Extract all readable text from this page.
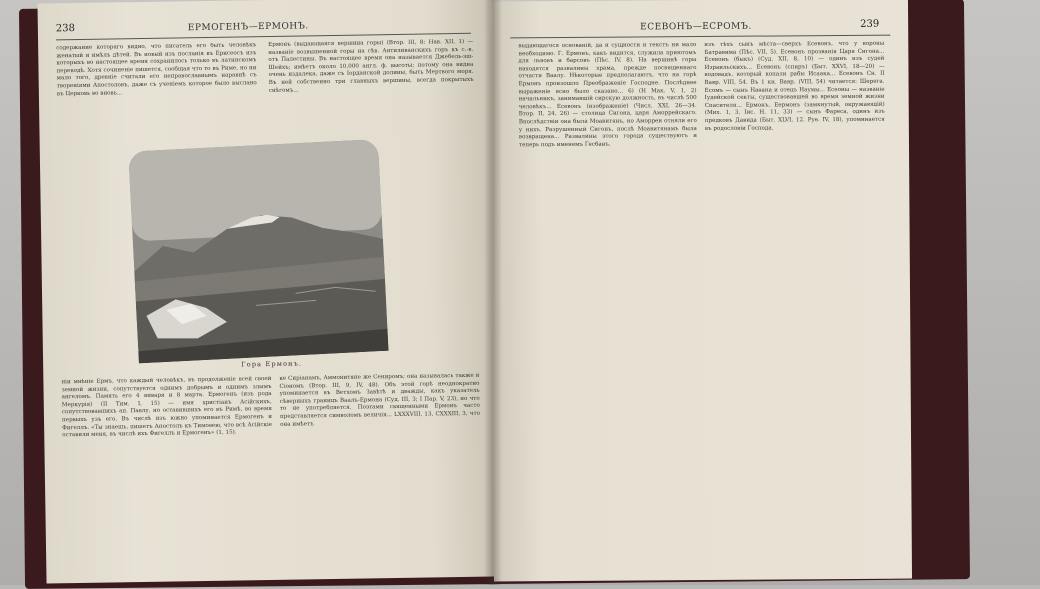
238	ЕРМОГЕНЪ—ЕРМОНЪ.
содержание котораго видно, что писатель его быть человѣкъ женатый и имѣлъ дѣтей. Въ новый изъ посланія въ Ерисеосъ изъ которыхъ во настоящее время сохранилось только въ латинскомъ переводѣ. Хотя сочиненіе пишется, сообщая что то въ Риме, но ни мало того, древніе считали его неправославнымъ наравнѣ съ твореніями Апостоловъ, даже съ ученіемъ которое было выслано въ Церковь во вновь...
Ермонъ (выдающаяся вершина горы) (Втор. III, 8; Нав. XII, 1) — названіе возвышенной горы на сѣв. Антиливанскихъ горъ къ с.-в. отъ Палестины. Въ настоящее время она называется Джебель-эш-Шейхъ; имѣетъ около 10,000 англ. ф. высоты; потому она видна очень издалека, даже съ Іорданской долины, быть Мертвого моря. Въ ней собственно три главныхъ вершины, всегда покрытыхъ снѣгомъ...
Гора Ермонъ.
ніи мнѣніе Ермъ, что каждый человѣкъ, въ продолженіе всей своей земной жизни, сопутствуется однимъ добрымъ и однимъ злымъ ангеломъ. Память его 4 января и 8 марта. Ермогенъ (изъ рода Меркурія) (II Тим. I, 15) — имя христіанъ Асійскихъ, сопутствовавшихъ ап. Павлу, но оставившихъ его въ Римѣ, во время первыхъ узъ его. Въ числѣ изъ южно упоминается Ермогенъ и Фигеллъ. «Ты знаешь, пишетъ Апостолъ къ Тимоѳею, что всѣ Асійскіе оставили меня, въ числѣ ихъ Фигеллъ и Ермогенъ» (1, 15).
ке Сиріанамъ, Аммонитяне же Сениромъ; она называлась также и Сіономъ (Втор. III, 9, IV, 48). Объ этой горѣ неоднократно упоминается въ Ветхомъ Завѣтѣ и дважды, какъ указатель сѣверныхъ границъ Ваалъ-Ермона (Суд. III, 3; I Пар. V, 23), но что то не употребляется. Поэтами священными Ермонъ часто представляется символомъ величія... LXXXVIII, 13, CXXXIII, 3, что она имѣетъ
ЕСЕВОНЪ—ЕСРОМЪ.	239
выдающагося основаній, да и сущности и текстъ ни мало необходимо. Г. Ермонъ, какъ видится, служила приютомъ для львовъ и барсовъ (Пѣс. IV, 8). На вершинѣ горы находятся развалины храма, прежде посвященнаго отчасти Ваалу. Нѣкоторые предполагаютъ, что на горѣ Ермонъ произошло Преображеніе Господне. Послѣднее выраженіе ясно было сказано... 6) (Н Мак. V, 1, 2) начальникъ, занимавшій сирскую должность, въ числѣ 500 человѣкъ... Есевонъ (изображеніе) (Числ. XXI, 26—34. Втор. II, 24, 26) — столица Сигона, царя Аморрейскаго. Впослѣдствіи она была Моавитянъ, но Аморреи отняли его у нихъ. Разрушенный Сигонъ, послѣ Моавитянамъ была возвращена... Развалины этого города существуютъ и теперь подъ именемъ Гесбанъ.
изъ тѣхъ сынъ мѣста—сверхъ Есевонъ, что у вороны Батравима (Пѣс. VII, 5). Есевонъ прозванія Царя Сигона... Есевонъ (быкъ) (Суд. XII, 8, 10) — одинъ изъ судей Израильскихъ... Есевонъ (спиръ) (Быт. XXVI, 18—20) — водовадъ, который копали рабы Исаака... Есевонъ Сн. II Вавр. VIII, 54. Въ 1 кн. Вавр. (VIII, 54) читается: Шерега. Есомъ — сынъ Наѳана и отецъ Наумы... Есеоны — названіе Іудейской секты, существовавшей во время земной жизни Спасителя... Ермонъ, Еермонъ (замкнутый, окружающій) (Мих. 1, 3, Іис. Н. 11, 33) — сынъ Фареса, одинъ изъ предковъ Давида (Быт. XLVI, 12. Руѳ. IV, 18), упоминается въ родословіи Господа.
